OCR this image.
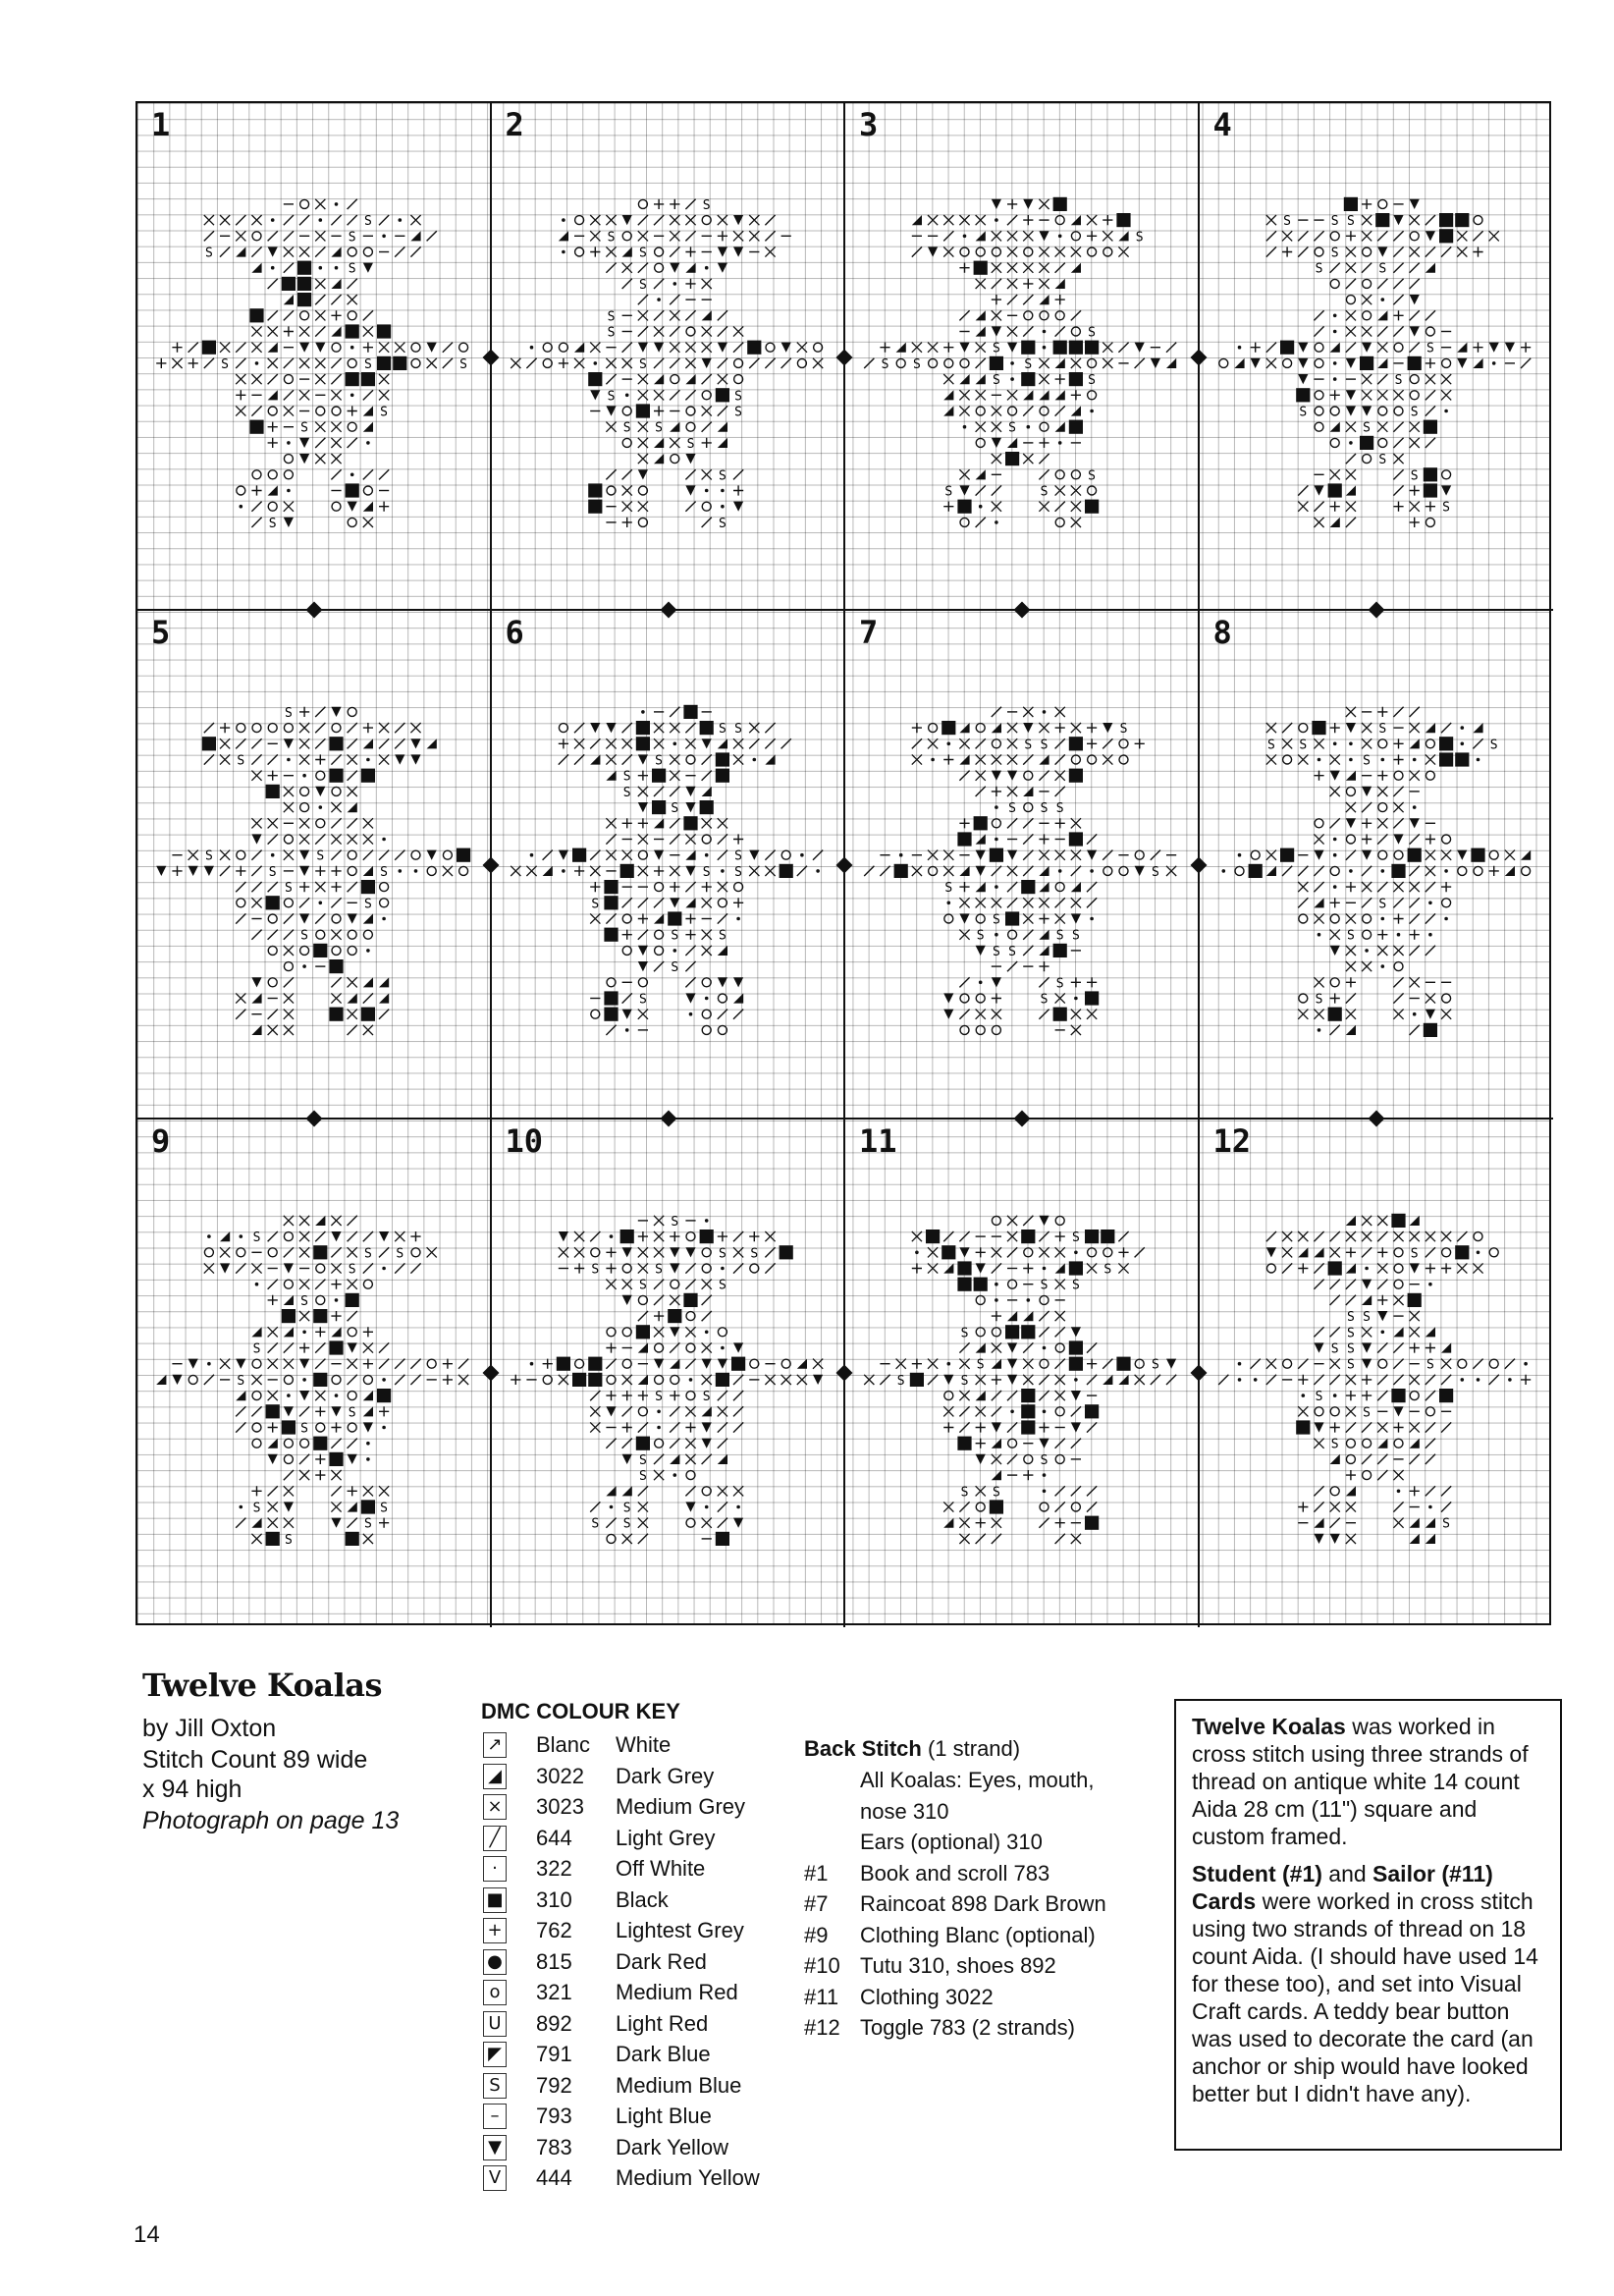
S
S
S
S
S
S
S
S
S
S
1
S
S
S
S
S
S
S
S
S
S
S
S
S
S
S
2
S S
S
S
S
S
S
S
S
S
S
S
3
S
S
S
S
S
S
S
S
S
S
S
S
S
S
4
S
S
S
S
S
S
S
S
S
5
S
S
S
S
S
S
S
S
S
S
S
S
S
S
6
S
S
S
S
S
S
S S
S
S
S
S
S
S
S
S
7
S S
S
S
S
S
S
S
8
S
S
S
S
S
S
S
S
S
S
S
S
S
9
S
S
S
S
S
S
S
S
S
S
S
S
S
S
10
S
S
S
S
S
S
S
S
S
S
S
S
11
S
S
S
S
S
S
S
S
S
S
S
S
12
Twelve Koalas
by Jill Oxton
Stitch Count 89 wide
x 94 high
Photograph on page 13
DMC COLOUR KEY
↗ Blanc White
◢ 3022 Dark Grey
× 3023 Medium Grey
╱ 644 Light Grey
·	322 Off White
■ 310 Black
+ 762 Lightest Grey
● 815 Dark Red
o 321 Medium Red
U 892 Light Red
◤ 791 Dark Blue
S 792 Medium Blue
–	793 Light Blue
▼ 783 Dark Yellow
V 444 Medium Yellow
Back Stitch (1 strand)
All Koalas: Eyes, mouth,
nose 310
Ears (optional) 310
#1 Book and scroll 783
#7 Raincoat 898 Dark Brown
#9 Clothing Blanc (optional)
#10 Tutu 310, shoes 892
#11 Clothing 3022
#12 Toggle 783 (2 strands)
Twelve Koalas was worked in cross stitch using three strands of thread on antique white 14 count Aida 28 cm (11") square and custom framed.
Student (#1) and Sailor (#11) Cards were worked in cross stitch using two strands of thread on 18 count Aida. (I should have used 14 for these too), and set into Visual Craft cards. A teddy bear button was used to decorate the card (an anchor or ship would have looked better but I didn't have any).
14
